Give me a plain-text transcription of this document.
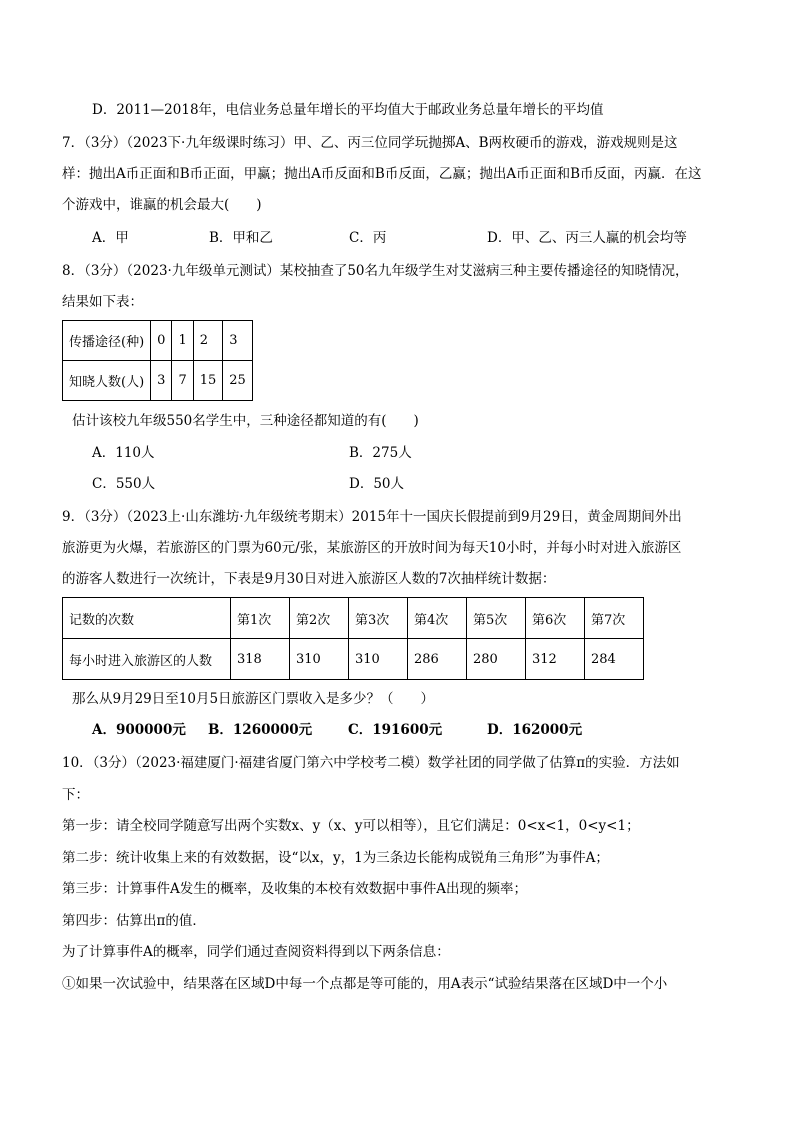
D．2011—2018年，电信业务总量年增长的平均值大于邮政业务总量年增长的平均值
7．（3分）（2023下·九年级课时练习）甲、乙、丙三位同学玩抛掷A、B两枚硬币的游戏，游戏规则是这
样：抛出A币正面和B币正面，甲赢；抛出A币反面和B币反面，乙赢；抛出A币正面和B币反面，丙赢．在这
个游戏中，谁赢的机会最大(　　)
A．甲	B．甲和乙	C．丙	D．甲、乙、丙三人赢的机会均等
8．（3分）（2023·九年级单元测试）某校抽查了50名九年级学生对艾滋病三种主要传播途径的知晓情况，
结果如下表：
传播途径(种)	0	1	2	3
知晓人数(人)	3	7	15	25
估计该校九年级550名学生中，三种途径都知道的有(　　)
A．110人	B．275人
C．550人	D．50人
9．（3分）（2023上·山东潍坊·九年级统考期末）2015年十一国庆长假提前到9月29日，黄金周期间外出
旅游更为火爆，若旅游区的门票为60元/张，某旅游区的开放时间为每天10小时，并每小时对进入旅游区
的游客人数进行一次统计，下表是9月30日对进入旅游区人数的7次抽样统计数据：
记数的次数	第1次	第2次	第3次	第4次	第5次	第6次	第7次
每小时进入旅游区的人数	318	310	310	286	280	312	284
那么从9月29日至10月5日旅游区门票收入是多少？（　　）
A．900000元 B．1260000元	C．191600元	D．162000元
10．（3分）（2023·福建厦门·福建省厦门第六中学校考二模）数学社团的同学做了估算π的实验．方法如
下：
第一步：请全校同学随意写出两个实数x、y（x、y可以相等），且它们满足：0<x<1，0<y<1；
第二步：统计收集上来的有效数据，设“以x，y，1为三条边长能构成锐角三角形”为事件A；
第三步：计算事件A发生的概率，及收集的本校有效数据中事件A出现的频率；
第四步：估算出π的值．
为了计算事件A的概率，同学们通过查阅资料得到以下两条信息：
①如果一次试验中，结果落在区域D中每一个点都是等可能的，用A表示“试验结果落在区域D中一个小
